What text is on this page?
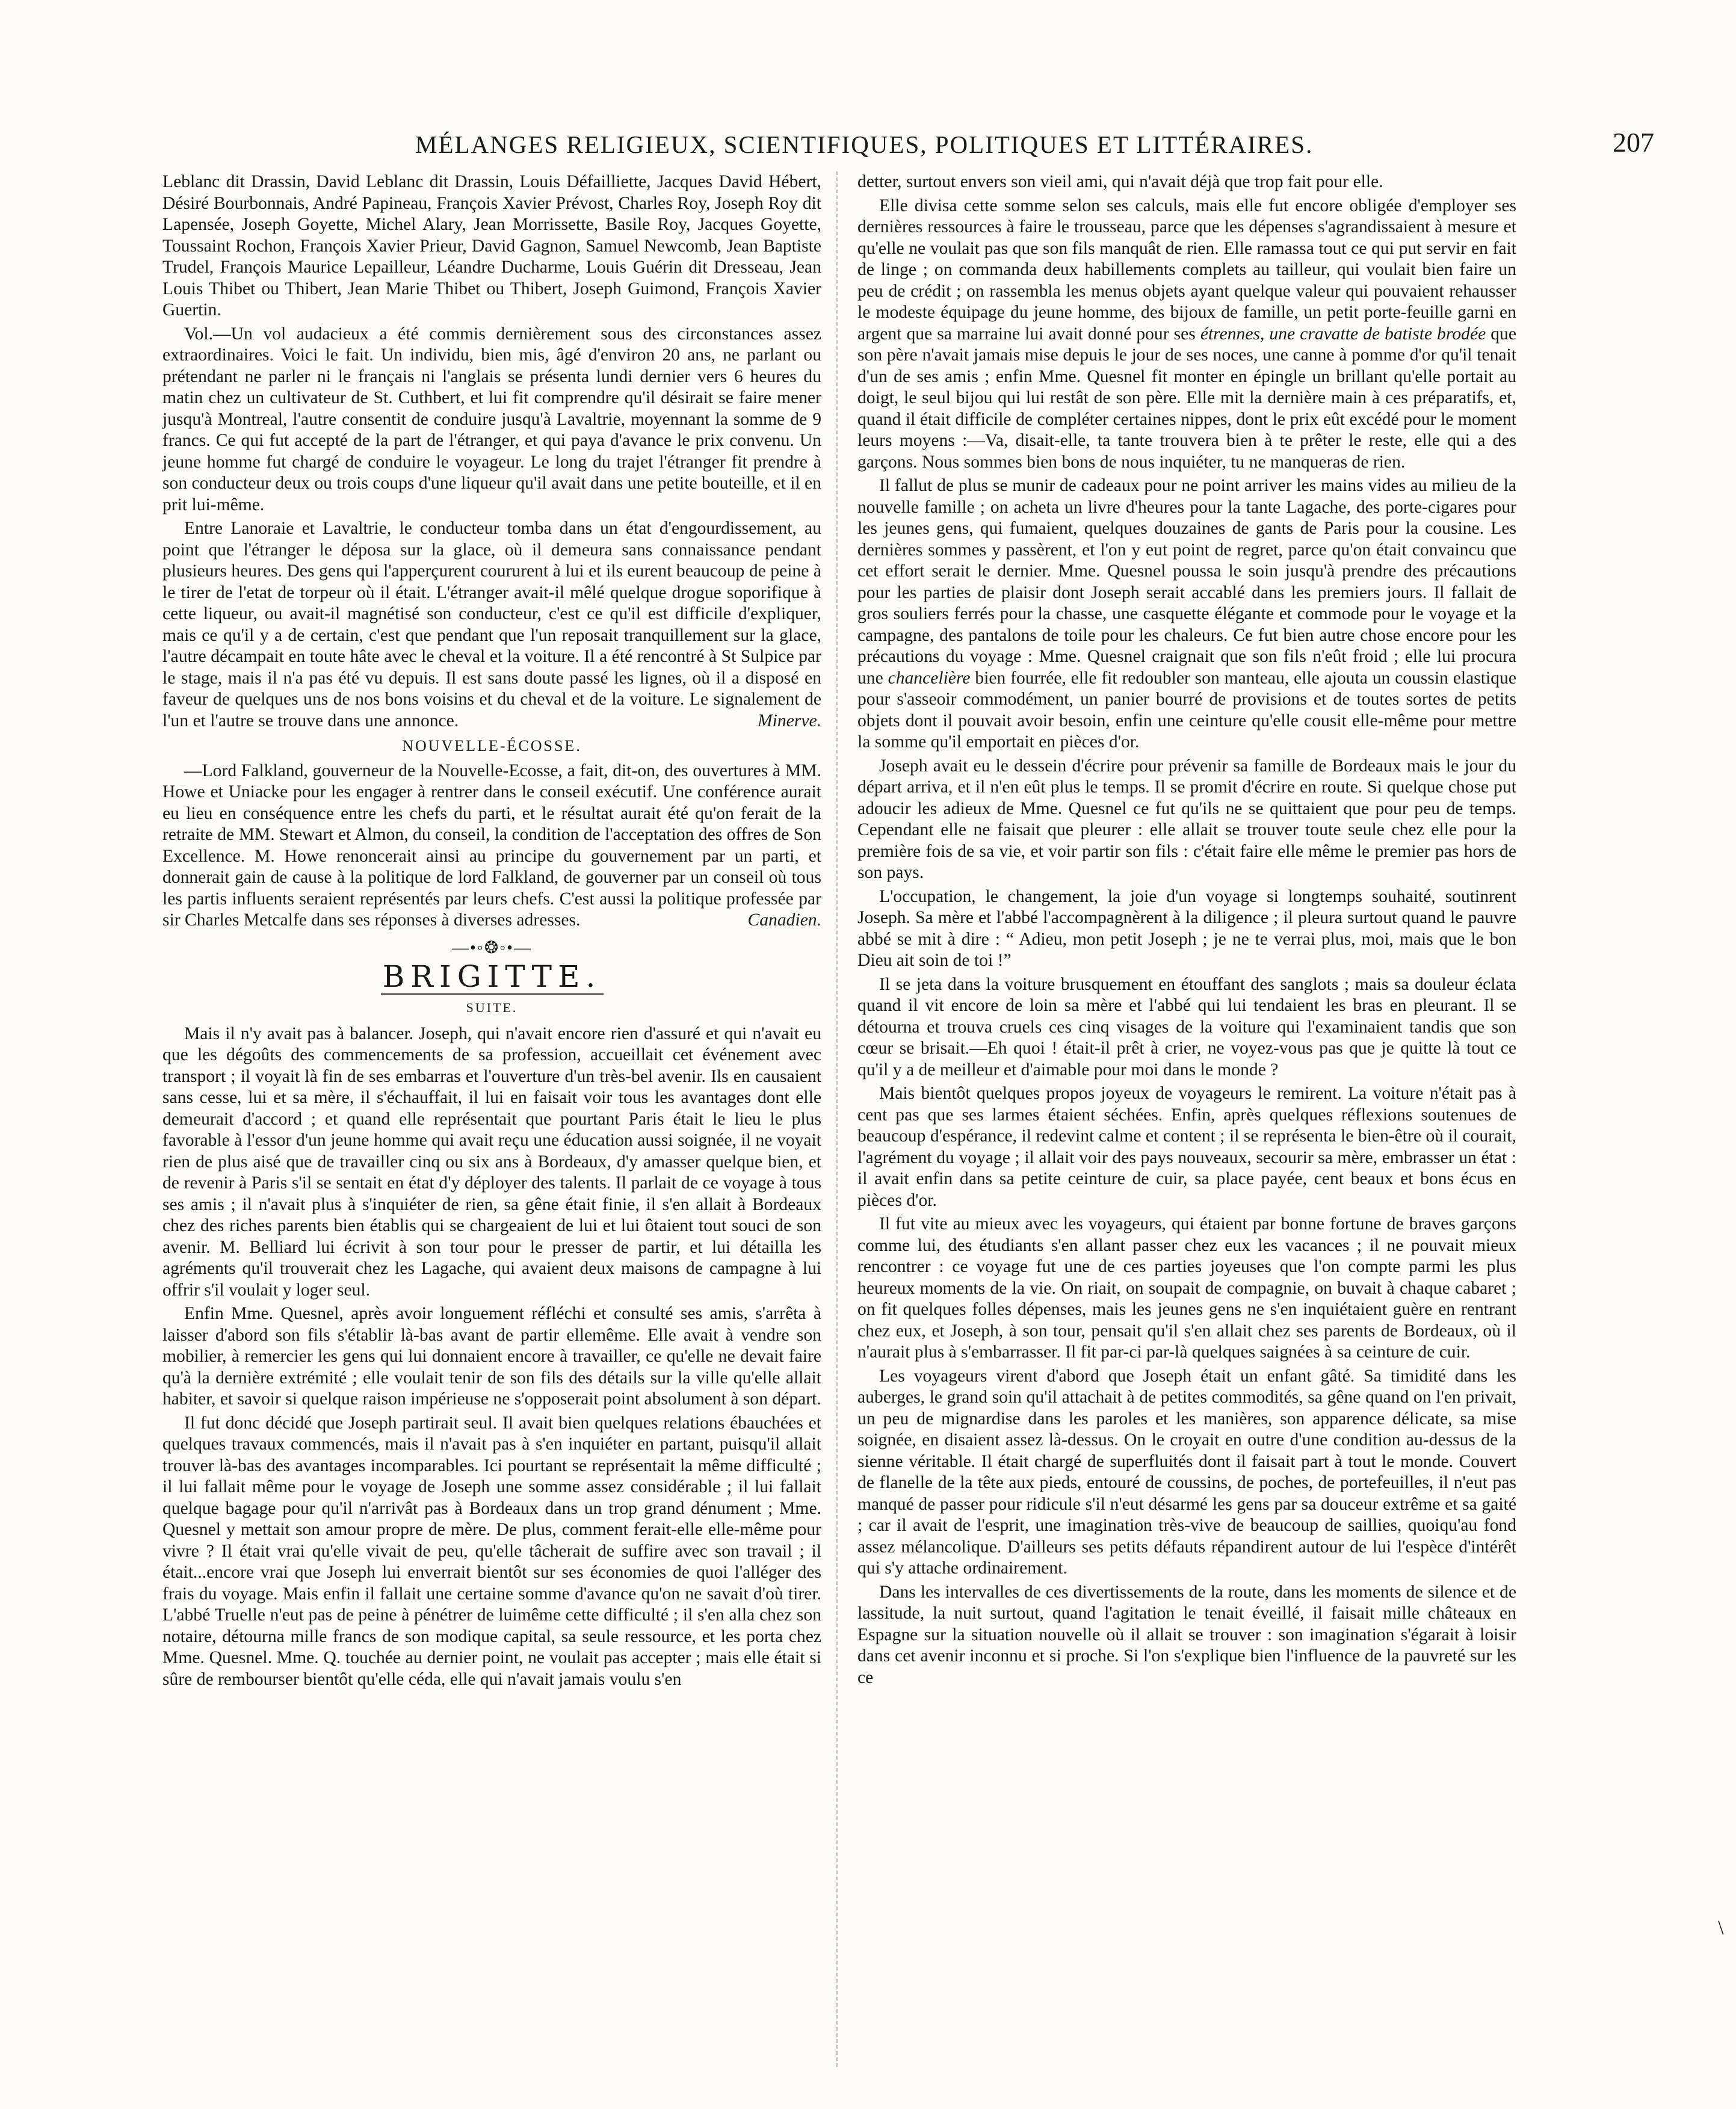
MÉLANGES RELIGIEUX, SCIENTIFIQUES, POLITIQUES ET LITTÉRAIRES.	207

Leblanc dit Drassin, David Leblanc dit Drassin, Louis Défailliette, Jacques David Hébert, Désiré Bourbonnais, André Papineau, François Xavier Prévost, Charles Roy, Joseph Roy dit Lapensée, Joseph Goyette, Michel Alary, Jean Morrissette, Basile Roy, Jacques Goyette, Toussaint Rochon, François Xavier Prieur, David Gagnon, Samuel Newcomb, Jean Baptiste Trudel, François Maurice Lepailleur, Léandre Ducharme, Louis Guérin dit Dresseau, Jean Louis Thibet ou Thibert, Jean Marie Thibet ou Thibert, Joseph Guimond, François Xavier Guertin.

Vol.—Un vol audacieux a été commis dernièrement sous des circonstances assez extraordinaires. Voici le fait. Un individu, bien mis, âgé d'environ 20 ans, ne parlant ou prétendant ne parler ni le français ni l'anglais se présenta lundi dernier vers 6 heures du matin chez un cultivateur de St. Cuthbert, et lui fit comprendre qu'il désirait se faire mener jusqu'à Montreal, l'autre consentit de conduire jusqu'à Lavaltrie, moyennant la somme de 9 francs. Ce qui fut accepté de la part de l'étranger, et qui paya d'avance le prix convenu. Un jeune homme fut chargé de conduire le voyageur. Le long du trajet l'étranger fit prendre à son conducteur deux ou trois coups d'une liqueur qu'il avait dans une petite bouteille, et il en prit lui-même.

Entre Lanoraie et Lavaltrie, le conducteur tomba dans un état d'engourdissement, au point que l'étranger le déposa sur la glace, où il demeura sans connaissance pendant plusieurs heures. Des gens qui l'apperçurent coururent à lui et ils eurent beaucoup de peine à le tirer de l'etat de torpeur où il était. L'étranger avait-il mêlé quelque drogue soporifique à cette liqueur, ou avait-il magnétisé son conducteur, c'est ce qu'il est difficile d'expliquer, mais ce qu'il y a de certain, c'est que pendant que l'un reposait tranquillement sur la glace, l'autre décampait en toute hâte avec le cheval et la voiture. Il a été rencontré à St Sulpice par le stage, mais il n'a pas été vu depuis. Il est sans doute passé les lignes, où il a disposé en faveur de quelques uns de nos bons voisins et du cheval et de la voiture. Le signalement de l'un et l'autre se trouve dans une annonce.	Minerve.

NOUVELLE-ÉCOSSE.

—Lord Falkland, gouverneur de la Nouvelle-Ecosse, a fait, dit-on, des ouvertures à MM. Howe et Uniacke pour les engager à rentrer dans le conseil exécutif. Une conférence aurait eu lieu en conséquence entre les chefs du parti, et le résultat aurait été qu'on ferait de la retraite de MM. Stewart et Almon, du conseil, la condition de l'acceptation des offres de Son Excellence. M. Howe renoncerait ainsi au principe du gouvernement par un parti, et donnerait gain de cause à la politique de lord Falkland, de gouverner par un conseil où tous les partis influents seraient représentés par leurs chefs. C'est aussi la politique professée par sir Charles Metcalfe dans ses réponses à diverses adresses.	Canadien.

—•◦❂◦•—
BRIGITTE.
SUITE.

Mais il n'y avait pas à balancer. Joseph, qui n'avait encore rien d'assuré et qui n'avait eu que les dégoûts des commencements de sa profession, accueillait cet événement avec transport ; il voyait là fin de ses embarras et l'ouverture d'un très-bel avenir. Ils en causaient sans cesse, lui et sa mère, il s'échauffait, il lui en faisait voir tous les avantages dont elle demeurait d'accord ; et quand elle représentait que pourtant Paris était le lieu le plus favorable à l'essor d'un jeune homme qui avait reçu une éducation aussi soignée, il ne voyait rien de plus aisé que de travailler cinq ou six ans à Bordeaux, d'y amasser quelque bien, et de revenir à Paris s'il se sentait en état d'y déployer des talents. Il parlait de ce voyage à tous ses amis ; il n'avait plus à s'inquiéter de rien, sa gêne était finie, il s'en allait à Bordeaux chez des riches parents bien établis qui se chargeaient de lui et lui ôtaient tout souci de son avenir. M. Belliard lui écrivit à son tour pour le presser de partir, et lui détailla les agréments qu'il trouverait chez les Lagache, qui avaient deux maisons de campagne à lui offrir s'il voulait y loger seul.

Enfin Mme. Quesnel, après avoir longuement réfléchi et consulté ses amis, s'arrêta à laisser d'abord son fils s'établir là-bas avant de partir ellemême. Elle avait à vendre son mobilier, à remercier les gens qui lui donnaient encore à travailler, ce qu'elle ne devait faire qu'à la dernière extrémité ; elle voulait tenir de son fils des détails sur la ville qu'elle allait habiter, et savoir si quelque raison impérieuse ne s'opposerait point absolument à son départ.

Il fut donc décidé que Joseph partirait seul. Il avait bien quelques relations ébauchées et quelques travaux commencés, mais il n'avait pas à s'en inquiéter en partant, puisqu'il allait trouver là-bas des avantages incomparables. Ici pourtant se représentait la même difficulté ; il lui fallait même pour le voyage de Joseph une somme assez considérable ; il lui fallait quelque bagage pour qu'il n'arrivât pas à Bordeaux dans un trop grand dénument ; Mme. Quesnel y mettait son amour propre de mère. De plus, comment ferait-elle elle-même pour vivre ? Il était vrai qu'elle vivait de peu, qu'elle tâcherait de suffire avec son travail ; il était...encore vrai que Joseph lui enverrait bientôt sur ses économies de quoi l'alléger des frais du voyage. Mais enfin il fallait une certaine somme d'avance qu'on ne savait d'où tirer. L'abbé Truelle n'eut pas de peine à pénétrer de luimême cette difficulté ; il s'en alla chez son notaire, détourna mille francs de son modique capital, sa seule ressource, et les porta chez Mme. Quesnel. Mme. Q. touchée au dernier point, ne voulait pas accepter ; mais elle était si sûre de rembourser bientôt qu'elle céda, elle qui n'avait jamais voulu s'en

detter, surtout envers son vieil ami, qui n'avait déjà que trop fait pour elle.

Elle divisa cette somme selon ses calculs, mais elle fut encore obligée d'employer ses dernières ressources à faire le trousseau, parce que les dépenses s'agrandissaient à mesure et qu'elle ne voulait pas que son fils manquât de rien. Elle ramassa tout ce qui put servir en fait de linge ; on commanda deux habillements complets au tailleur, qui voulait bien faire un peu de crédit ; on rassembla les menus objets ayant quelque valeur qui pouvaient rehausser le modeste équipage du jeune homme, des bijoux de famille, un petit porte-feuille garni en argent que sa marraine lui avait donné pour ses étrennes, une cravatte de batiste brodée que son père n'avait jamais mise depuis le jour de ses noces, une canne à pomme d'or qu'il tenait d'un de ses amis ; enfin Mme. Quesnel fit monter en épingle un brillant qu'elle portait au doigt, le seul bijou qui lui restât de son père. Elle mit la dernière main à ces préparatifs, et, quand il était difficile de compléter certaines nippes, dont le prix eût excédé pour le moment leurs moyens :—Va, disait-elle, ta tante trouvera bien à te prêter le reste, elle qui a des garçons. Nous sommes bien bons de nous inquiéter, tu ne manqueras de rien.

Il fallut de plus se munir de cadeaux pour ne point arriver les mains vides au milieu de la nouvelle famille ; on acheta un livre d'heures pour la tante Lagache, des porte-cigares pour les jeunes gens, qui fumaient, quelques douzaines de gants de Paris pour la cousine. Les dernières sommes y passèrent, et l'on y eut point de regret, parce qu'on était convaincu que cet effort serait le dernier. Mme. Quesnel poussa le soin jusqu'à prendre des précautions pour les parties de plaisir dont Joseph serait accablé dans les premiers jours. Il fallait de gros souliers ferrés pour la chasse, une casquette élégante et commode pour le voyage et la campagne, des pantalons de toile pour les chaleurs. Ce fut bien autre chose encore pour les précautions du voyage : Mme. Quesnel craignait que son fils n'eût froid ; elle lui procura une chancelière bien fourrée, elle fit redoubler son manteau, elle ajouta un coussin elastique pour s'asseoir commodément, un panier bourré de provisions et de toutes sortes de petits objets dont il pouvait avoir besoin, enfin une ceinture qu'elle cousit elle-même pour mettre la somme qu'il emportait en pièces d'or.

Joseph avait eu le dessein d'écrire pour prévenir sa famille de Bordeaux mais le jour du départ arriva, et il n'en eût plus le temps. Il se promit d'écrire en route. Si quelque chose put adoucir les adieux de Mme. Quesnel ce fut qu'ils ne se quittaient que pour peu de temps. Cependant elle ne faisait que pleurer : elle allait se trouver toute seule chez elle pour la première fois de sa vie, et voir partir son fils : c'était faire elle même le premier pas hors de son pays.

L'occupation, le changement, la joie d'un voyage si longtemps souhaité, soutinrent Joseph. Sa mère et l'abbé l'accompagnèrent à la diligence ; il pleura surtout quand le pauvre abbé se mit à dire : “ Adieu, mon petit Joseph ; je ne te verrai plus, moi, mais que le bon Dieu ait soin de toi !”

Il se jeta dans la voiture brusquement en étouffant des sanglots ; mais sa douleur éclata quand il vit encore de loin sa mère et l'abbé qui lui tendaient les bras en pleurant. Il se détourna et trouva cruels ces cinq visages de la voiture qui l'examinaient tandis que son cœur se brisait.—Eh quoi ! était-il prêt à crier, ne voyez-vous pas que je quitte là tout ce qu'il y a de meilleur et d'aimable pour moi dans le monde ?

Mais bientôt quelques propos joyeux de voyageurs le remirent. La voiture n'était pas à cent pas que ses larmes étaient séchées. Enfin, après quelques réflexions soutenues de beaucoup d'espérance, il redevint calme et content ; il se représenta le bien-être où il courait, l'agrément du voyage ; il allait voir des pays nouveaux, secourir sa mère, embrasser un état : il avait enfin dans sa petite ceinture de cuir, sa place payée, cent beaux et bons écus en pièces d'or.

Il fut vite au mieux avec les voyageurs, qui étaient par bonne fortune de braves garçons comme lui, des étudiants s'en allant passer chez eux les vacances ; il ne pouvait mieux rencontrer : ce voyage fut une de ces parties joyeuses que l'on compte parmi les plus heureux moments de la vie. On riait, on soupait de compagnie, on buvait à chaque cabaret ; on fit quelques folles dépenses, mais les jeunes gens ne s'en inquiétaient guère en rentrant chez eux, et Joseph, à son tour, pensait qu'il s'en allait chez ses parents de Bordeaux, où il n'aurait plus à s'embarrasser. Il fit par-ci par-là quelques saignées à sa ceinture de cuir.

Les voyageurs virent d'abord que Joseph était un enfant gâté. Sa timidité dans les auberges, le grand soin qu'il attachait à de petites commodités, sa gêne quand on l'en privait, un peu de mignardise dans les paroles et les manières, son apparence délicate, sa mise soignée, en disaient assez là-dessus. On le croyait en outre d'une condition au-dessus de la sienne véritable. Il était chargé de superfluités dont il faisait part à tout le monde. Couvert de flanelle de la tête aux pieds, entouré de coussins, de poches, de portefeuilles, il n'eut pas manqué de passer pour ridicule s'il n'eut désarmé les gens par sa douceur extrême et sa gaité ; car il avait de l'esprit, une imagination très-vive de beaucoup de saillies, quoiqu'au fond assez mélancolique. D'ailleurs ses petits défauts répandirent autour de lui l'espèce d'intérêt qui s'y attache ordinairement.

Dans les intervalles de ces divertissements de la route, dans les moments de silence et de lassitude, la nuit surtout, quand l'agitation le tenait éveillé, il faisait mille châteaux en Espagne sur la situation nouvelle où il allait se trouver : son imagination s'égarait à loisir dans cet avenir inconnu et si proche. Si l'on s'explique bien l'influence de la pauvreté sur les ce

\
